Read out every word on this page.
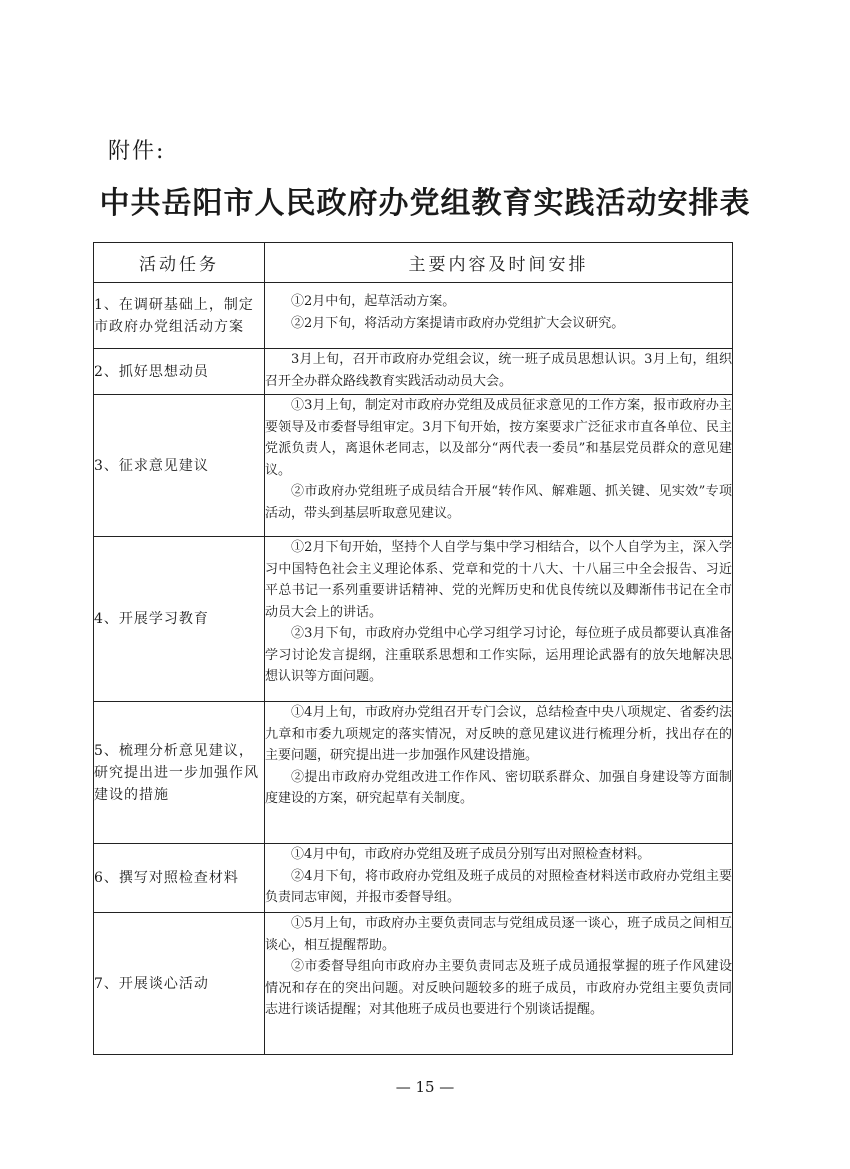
附件:
中共岳阳市人民政府办党组教育实践活动安排表
活动任务	主要内容及时间安排
1、在调研基础上，制定市政府办党组活动方案	①2月中旬，起草活动方案。

②2月下旬，将活动方案提请市政府办党组扩大会议研究。

2、抓好思想动员	3月上旬，召开市政府办党组会议，统一班子成员思想认识。3月上旬，组织召开全办群众路线教育实践活动动员大会。

3、征求意见建议	①3月上旬，制定对市政府办党组及成员征求意见的工作方案，报市政府办主要领导及市委督导组审定。3月下旬开始，按方案要求广泛征求市直各单位、民主党派负责人，离退休老同志，以及部分“两代表一委员”和基层党员群众的意见建议。

②市政府办党组班子成员结合开展“转作风、解难题、抓关键、见实效”专项活动，带头到基层听取意见建议。

4、开展学习教育	①2月下旬开始，坚持个人自学与集中学习相结合，以个人自学为主，深入学习中国特色社会主义理论体系、党章和党的十八大、十八届三中全会报告、习近平总书记一系列重要讲话精神、党的光辉历史和优良传统以及卿渐伟书记在全市动员大会上的讲话。

②3月下旬，市政府办党组中心学习组学习讨论，每位班子成员都要认真准备学习讨论发言提纲，注重联系思想和工作实际，运用理论武器有的放矢地解决思想认识等方面问题。

5、梳理分析意见建议，研究提出进一步加强作风建设的措施	①4月上旬，市政府办党组召开专门会议，总结检查中央八项规定、省委约法九章和市委九项规定的落实情况，对反映的意见建议进行梳理分析，找出存在的主要问题，研究提出进一步加强作风建设措施。

②提出市政府办党组改进工作作风、密切联系群众、加强自身建设等方面制度建设的方案，研究起草有关制度。

6、撰写对照检查材料	①4月中旬，市政府办党组及班子成员分别写出对照检查材料。

②4月下旬，将市政府办党组及班子成员的对照检查材料送市政府办党组主要负责同志审阅，并报市委督导组。

7、开展谈心活动	①5月上旬，市政府办主要负责同志与党组成员逐一谈心，班子成员之间相互谈心，相互提醒帮助。

②市委督导组向市政府办主要负责同志及班子成员通报掌握的班子作风建设情况和存在的突出问题。对反映问题较多的班子成员，市政府办党组主要负责同志进行谈话提醒；对其他班子成员也要进行个别谈话提醒。

— 15 —
